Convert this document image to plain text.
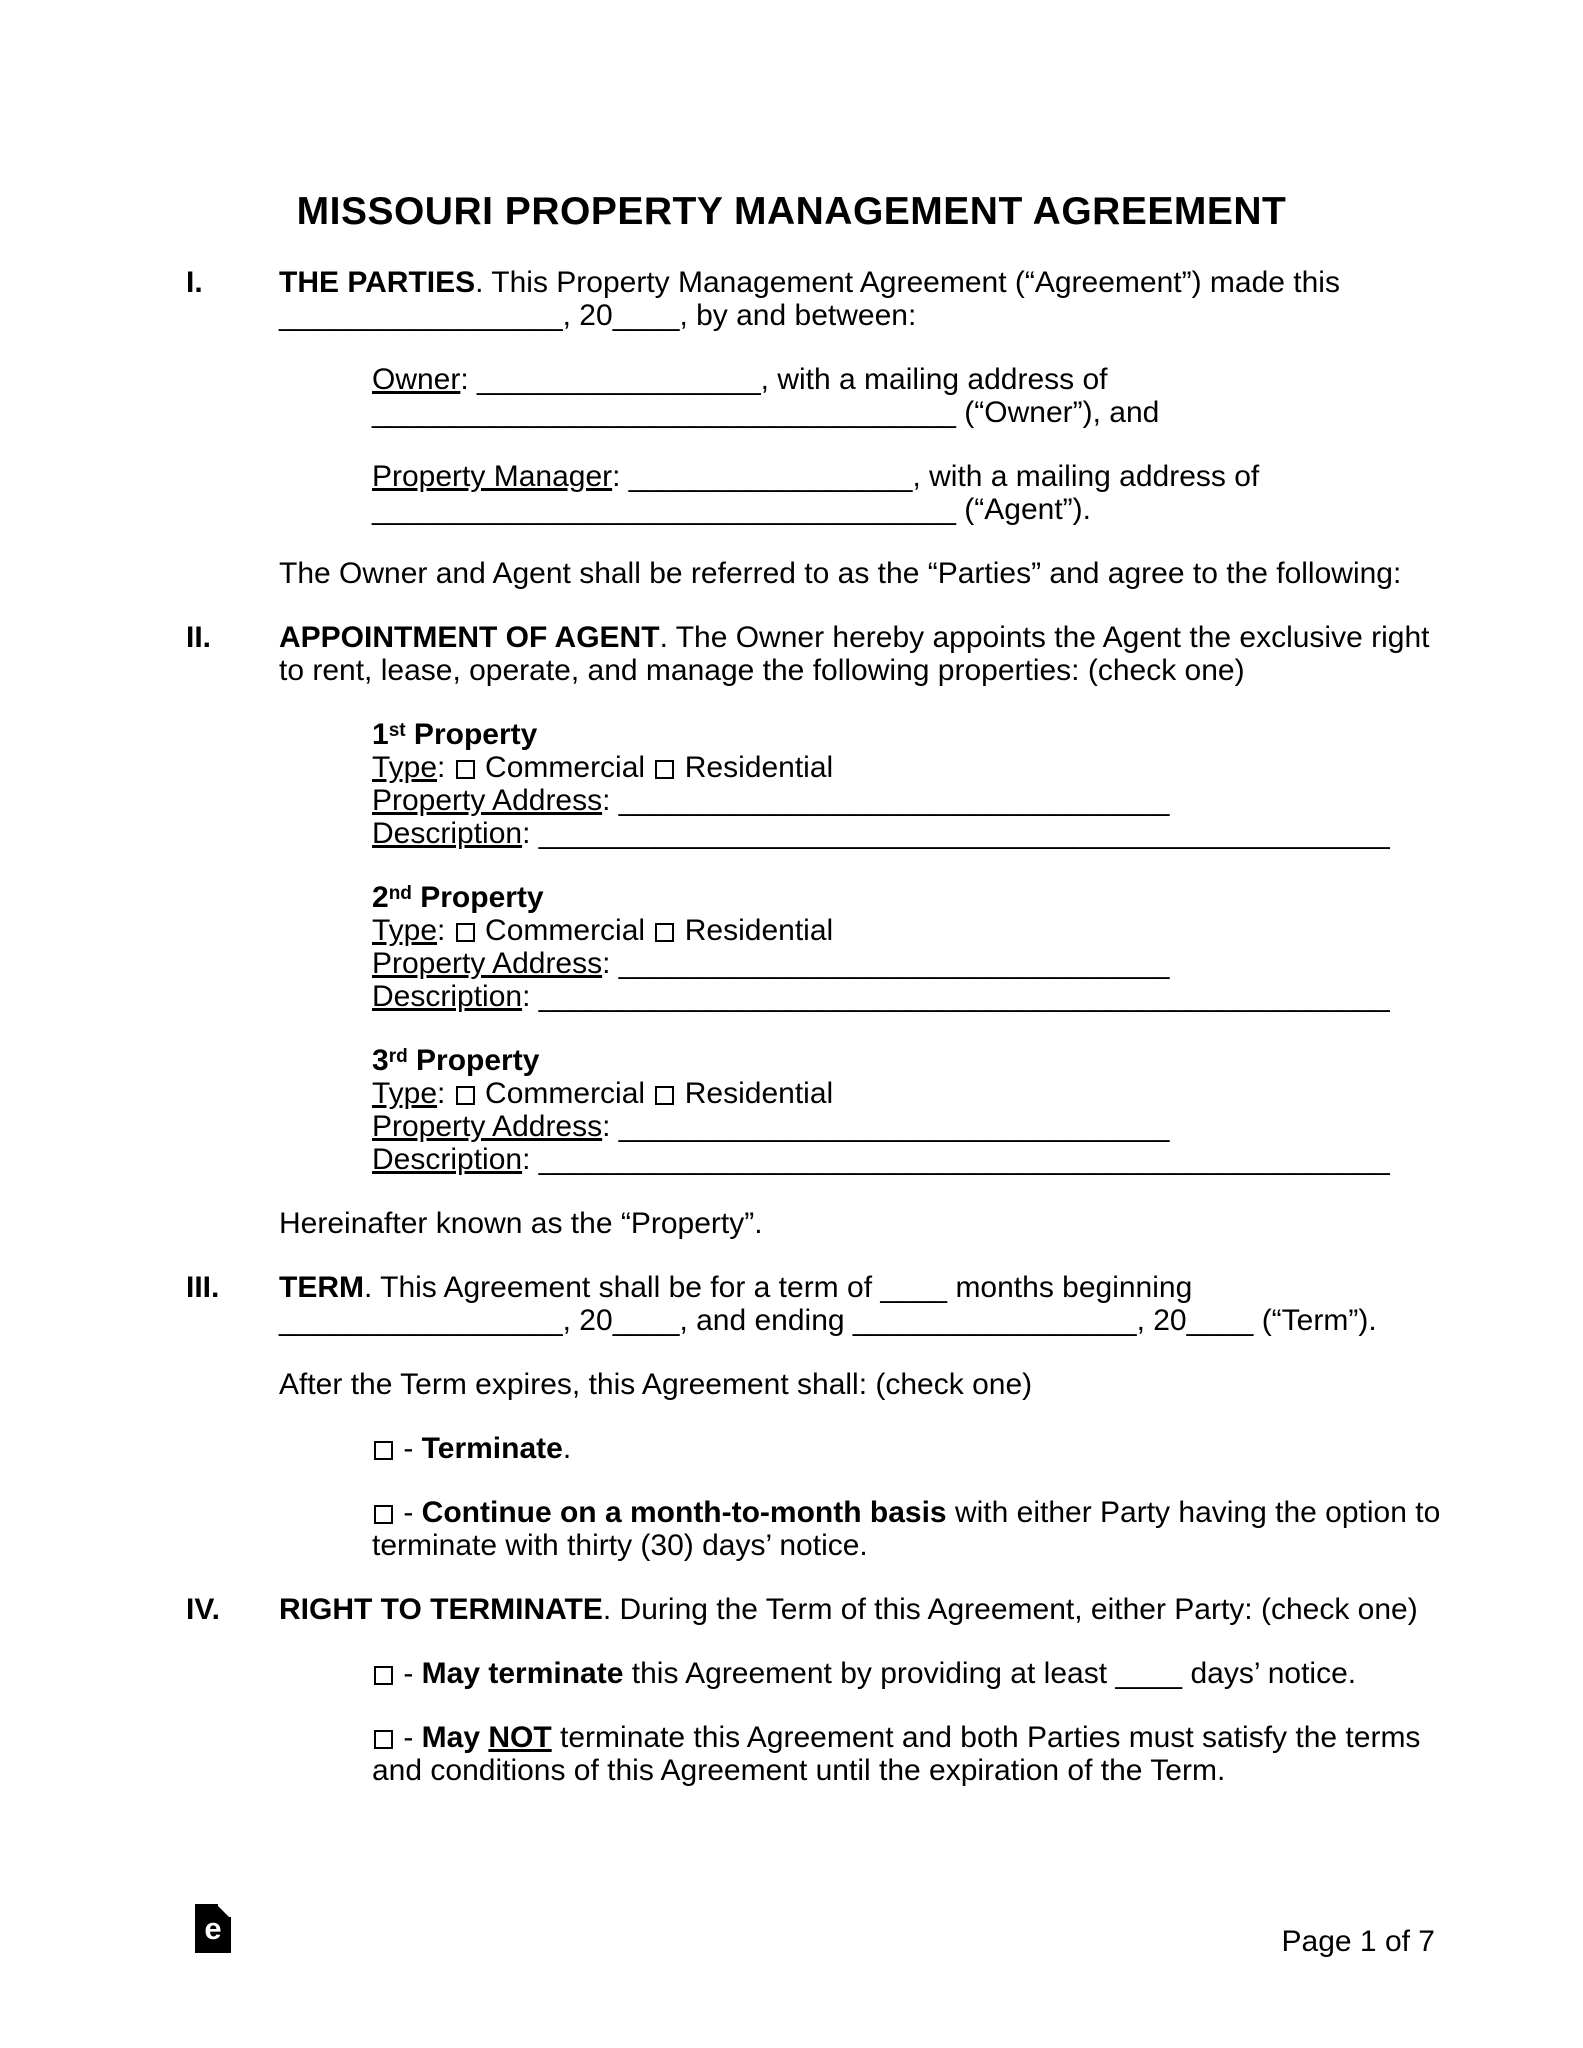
MISSOURI PROPERTY MANAGEMENT AGREEMENT
I.	THE PARTIES. This Property Management Agreement (“Agreement”) made this
_________________, 20____, by and between:
Owner: _________________, with a mailing address of
___________________________________ (“Owner”), and
Property Manager: _________________, with a mailing address of
___________________________________ (“Agent”).
The Owner and Agent shall be referred to as the “Parties” and agree to the following:
II. APPOINTMENT OF AGENT. The Owner hereby appoints the Agent the exclusive right
to rent, lease, operate, and manage the following properties: (check one)
1st Property
Type:  Commercial  Residential
Property Address: _________________________________
Description: ___________________________________________________
2nd Property
Type:  Commercial  Residential
Property Address: _________________________________
Description: ___________________________________________________
3rd Property
Type:  Commercial  Residential
Property Address: _________________________________
Description: ___________________________________________________
Hereinafter known as the “Property”.
III. TERM. This Agreement shall be for a term of ____ months beginning
_________________, 20____, and ending _________________, 20____ (“Term”).
After the Term expires, this Agreement shall: (check one)
- Terminate.
- Continue on a month-to-month basis with either Party having the option to
terminate with thirty (30) days’ notice.
IV. RIGHT TO TERMINATE. During the Term of this Agreement, either Party: (check one)
- May terminate this Agreement by providing at least ____ days’ notice.
- May NOT terminate this Agreement and both Parties must satisfy the terms
and conditions of this Agreement until the expiration of the Term.
e	Page 1 of 7
